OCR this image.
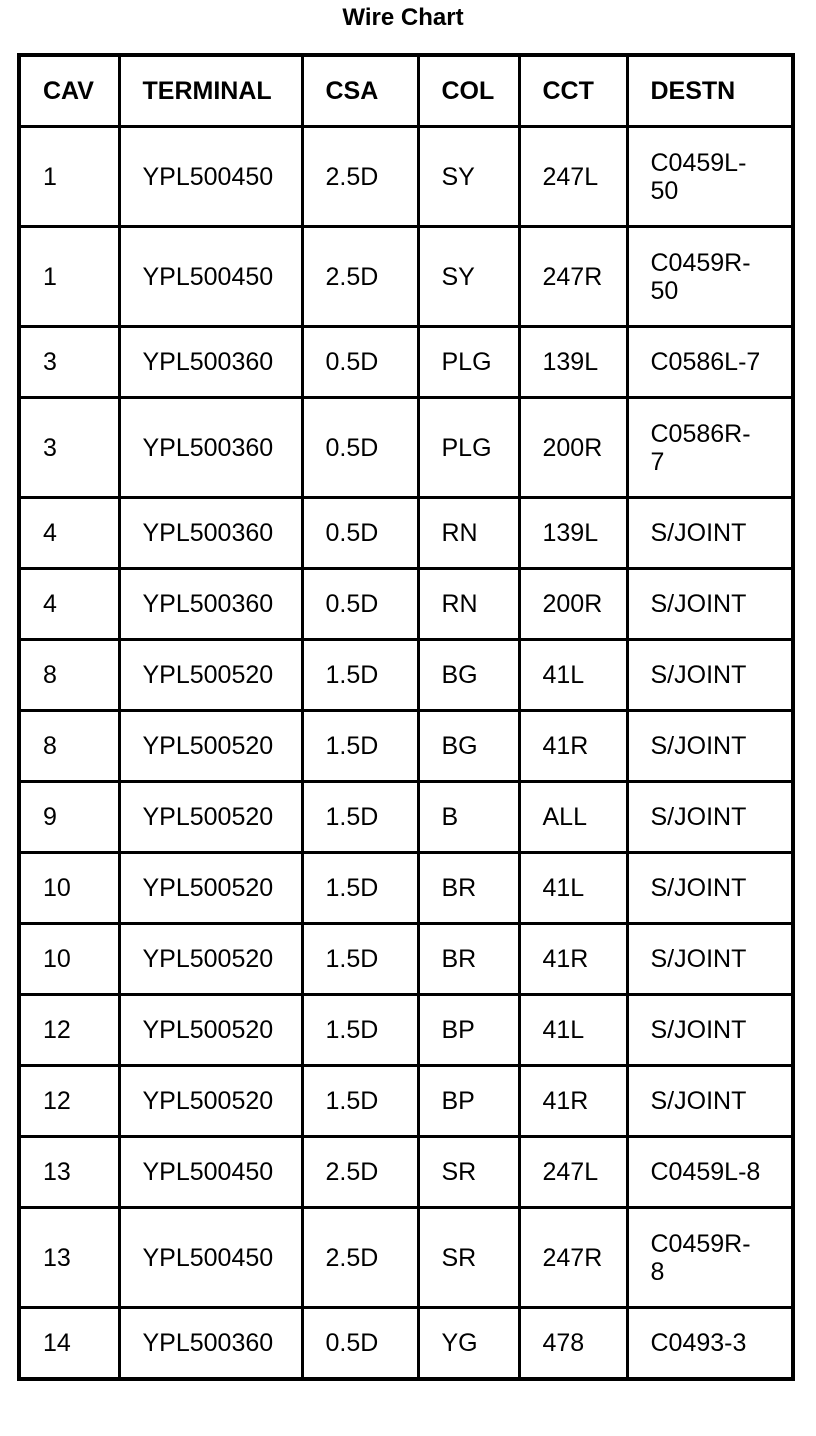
Wire Chart
CAV	TERMINAL	CSA	COL	CCT	DESTN
1	YPL500450	2.5D	SY	247L	C0459L-
50
1	YPL500450	2.5D	SY	247R	C0459R-
50
3	YPL500360	0.5D	PLG	139L	C0586L-7
3	YPL500360	0.5D	PLG	200R	C0586R-
7
4	YPL500360	0.5D	RN	139L	S/JOINT
4	YPL500360	0.5D	RN	200R	S/JOINT
8	YPL500520	1.5D	BG	41L	S/JOINT
8	YPL500520	1.5D	BG	41R	S/JOINT
9	YPL500520	1.5D	B	ALL	S/JOINT
10	YPL500520	1.5D	BR	41L	S/JOINT
10	YPL500520	1.5D	BR	41R	S/JOINT
12	YPL500520	1.5D	BP	41L	S/JOINT
12	YPL500520	1.5D	BP	41R	S/JOINT
13	YPL500450	2.5D	SR	247L	C0459L-8
13	YPL500450	2.5D	SR	247R	C0459R-
8
14	YPL500360	0.5D	YG	478	C0493-3
